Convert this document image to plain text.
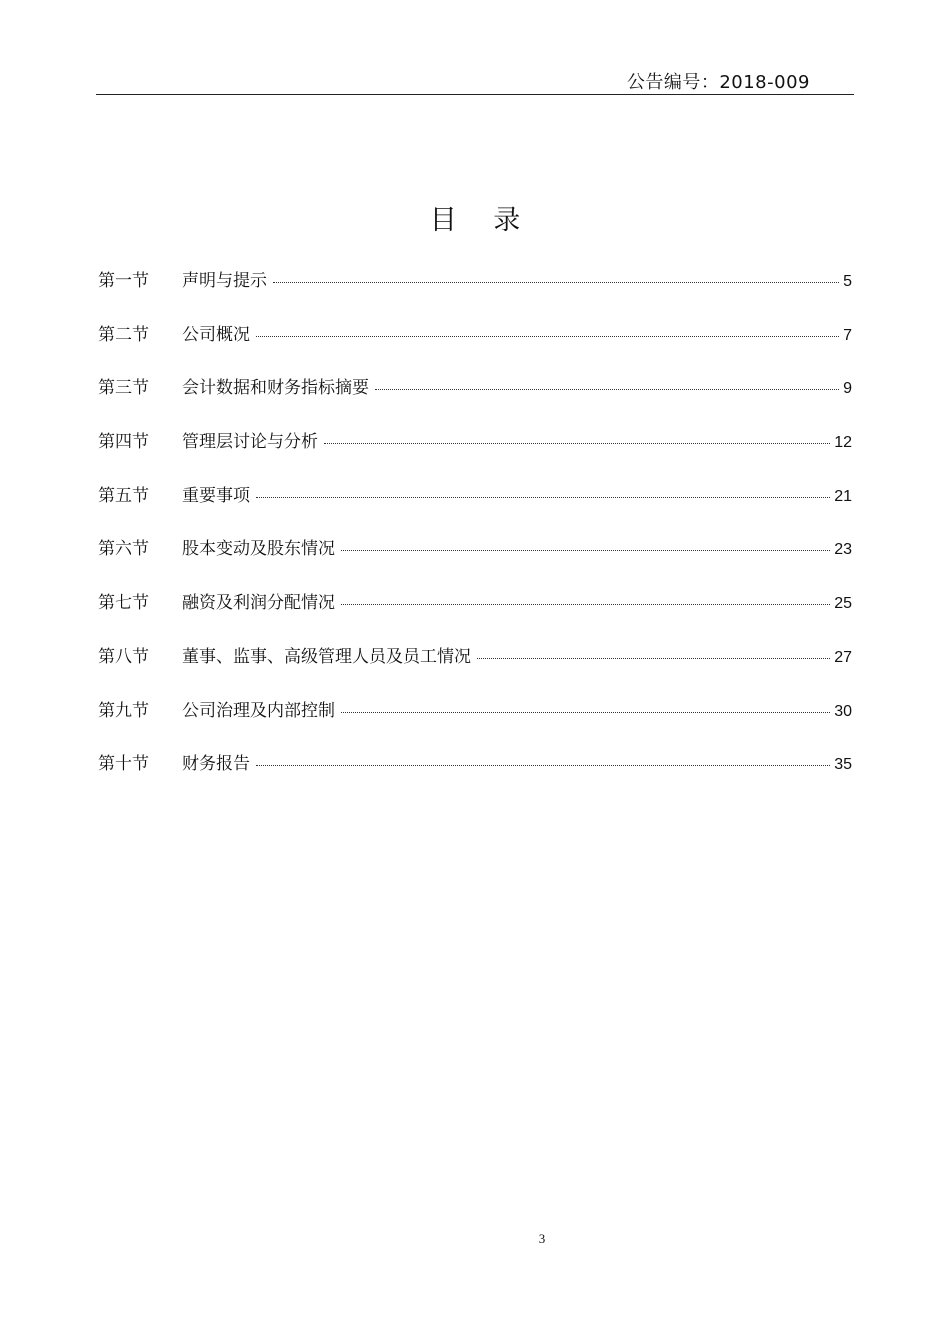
公告编号：2018-009
目 录
第一节	声明与提示	5
第二节	公司概况	7
第三节	会计数据和财务指标摘要	9
第四节	管理层讨论与分析	12
第五节	重要事项	21
第六节	股本变动及股东情况	23
第七节	融资及利润分配情况	25
第八节	董事、监事、高级管理人员及员工情况	27
第九节	公司治理及内部控制	30
第十节	财务报告	35
3
